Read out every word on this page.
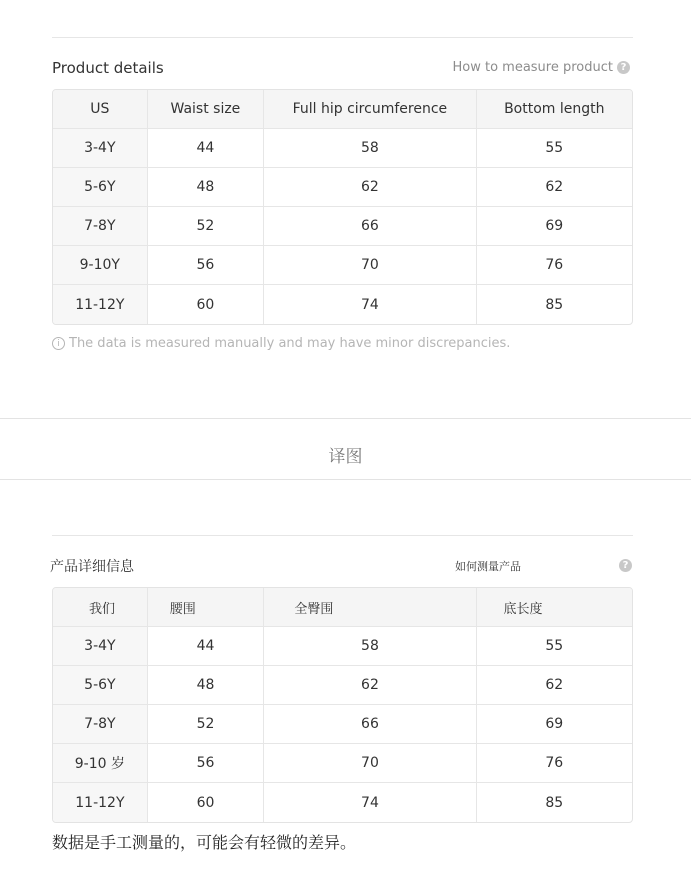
Product details	How to measure product ?
US	Waist size	Full hip circumference	Bottom length
3-4Y	44	58	55
5-6Y	48	62	62
7-8Y	52	66	69
9-10Y	56	70	76
11-12Y	60	74	85
i The data is measured manually and may have minor discrepancies.
译图
产品详细信息	如何测量产品	?
我们	腰围	全臀围	底长度
3-4Y	44	58	55
5-6Y	48	62	62
7-8Y	52	66	69
9-10 岁	56	70	76
11-12Y	60	74	85
数据是手工测量的，可能会有轻微的差异。
